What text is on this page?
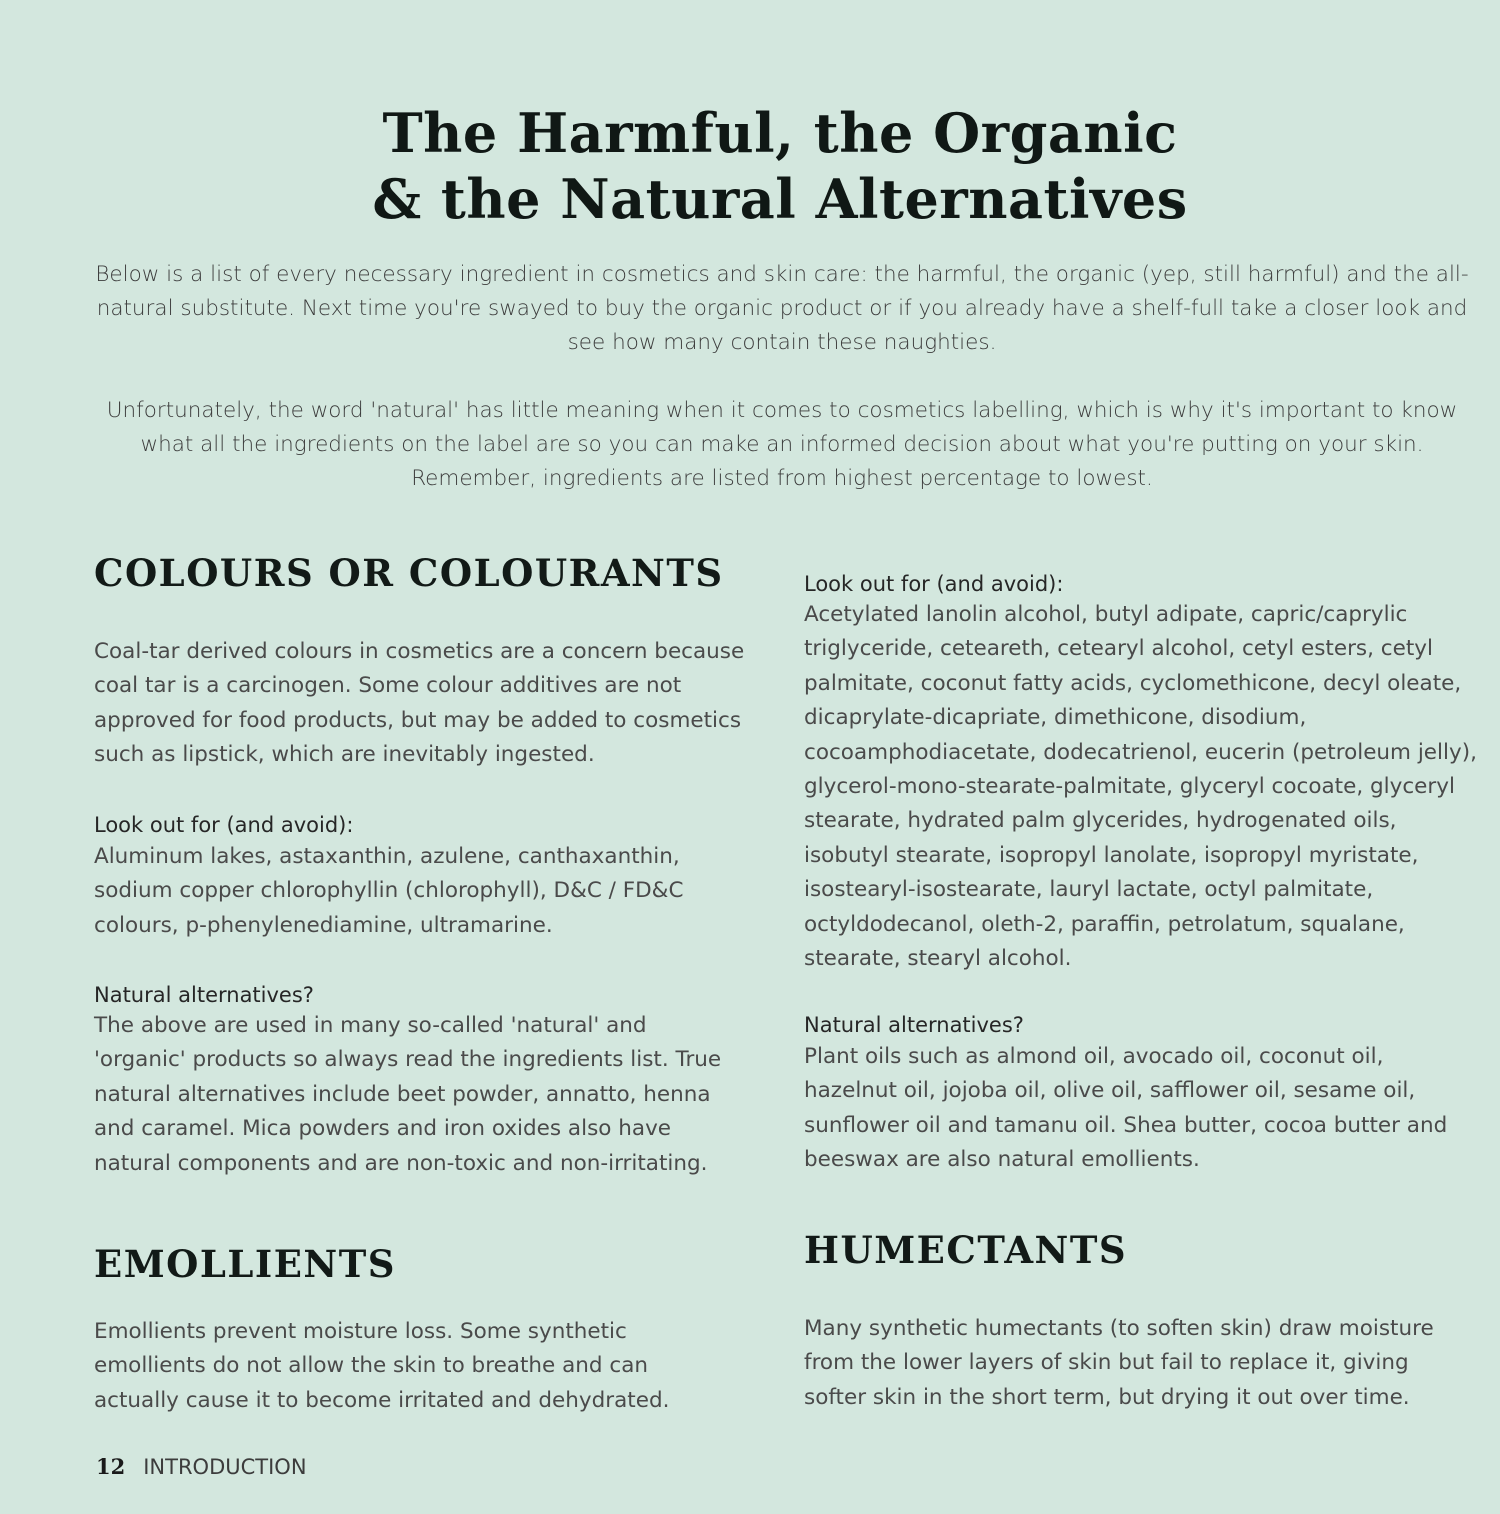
The Harmful, the Organic
& the Natural Alternatives

Below is a list of every necessary ingredient in cosmetics and skin care: the harmful, the organic (yep, still harmful) and the all-natural substitute. Next time you're swayed to buy the organic product or if you already have a shelf-full take a closer look and see how many contain these naughties.

Unfortunately, the word 'natural' has little meaning when it comes to cosmetics labelling, which is why it's important to know what all the ingredients on the label are so you can make an informed decision about what you're putting on your skin. Remember, ingredients are listed from highest percentage to lowest.

COLOURS OR COLOURANTS

Coal-tar derived colours in cosmetics are a concern because coal tar is a carcinogen. Some colour additives are not approved for food products, but may be added to cosmetics such as lipstick, which are inevitably ingested.

Look out for (and avoid):

Aluminum lakes, astaxanthin, azulene, canthaxanthin, sodium copper chlorophyllin (chlorophyll), D&C / FD&C colours, p-phenylenediamine, ultramarine.

Natural alternatives?

The above are used in many so-called 'natural' and 'organic' products so always read the ingredients list. True natural alternatives include beet powder, annatto, henna and caramel. Mica powders and iron oxides also have natural components and are non-toxic and non-irritating.

EMOLLIENTS

Emollients prevent moisture loss. Some synthetic emollients do not allow the skin to breathe and can actually cause it to become irritated and dehydrated.

Look out for (and avoid):

Acetylated lanolin alcohol, butyl adipate, capric/caprylic triglyceride, ceteareth, cetearyl alcohol, cetyl esters, cetyl palmitate, coconut fatty acids, cyclomethicone, decyl oleate, dicaprylate-dicapriate, dimethicone, disodium, cocoamphodiacetate, dodecatrienol, eucerin (petroleum jelly), glycerol-mono-stearate-palmitate, glyceryl cocoate, glyceryl stearate, hydrated palm glycerides, hydrogenated oils, isobutyl stearate, isopropyl lanolate, isopropyl myristate, isostearyl-isostearate, lauryl lactate, octyl palmitate, octyldodecanol, oleth-2, paraffin, petrolatum, squalane, stearate, stearyl alcohol.

Natural alternatives?

Plant oils such as almond oil, avocado oil, coconut oil, hazelnut oil, jojoba oil, olive oil, safflower oil, sesame oil, sunflower oil and tamanu oil. Shea butter, cocoa butter and beeswax are also natural emollients.

HUMECTANTS

Many synthetic humectants (to soften skin) draw moisture from the lower layers of skin but fail to replace it, giving softer skin in the short term, but drying it out over time.

12 INTRODUCTION
